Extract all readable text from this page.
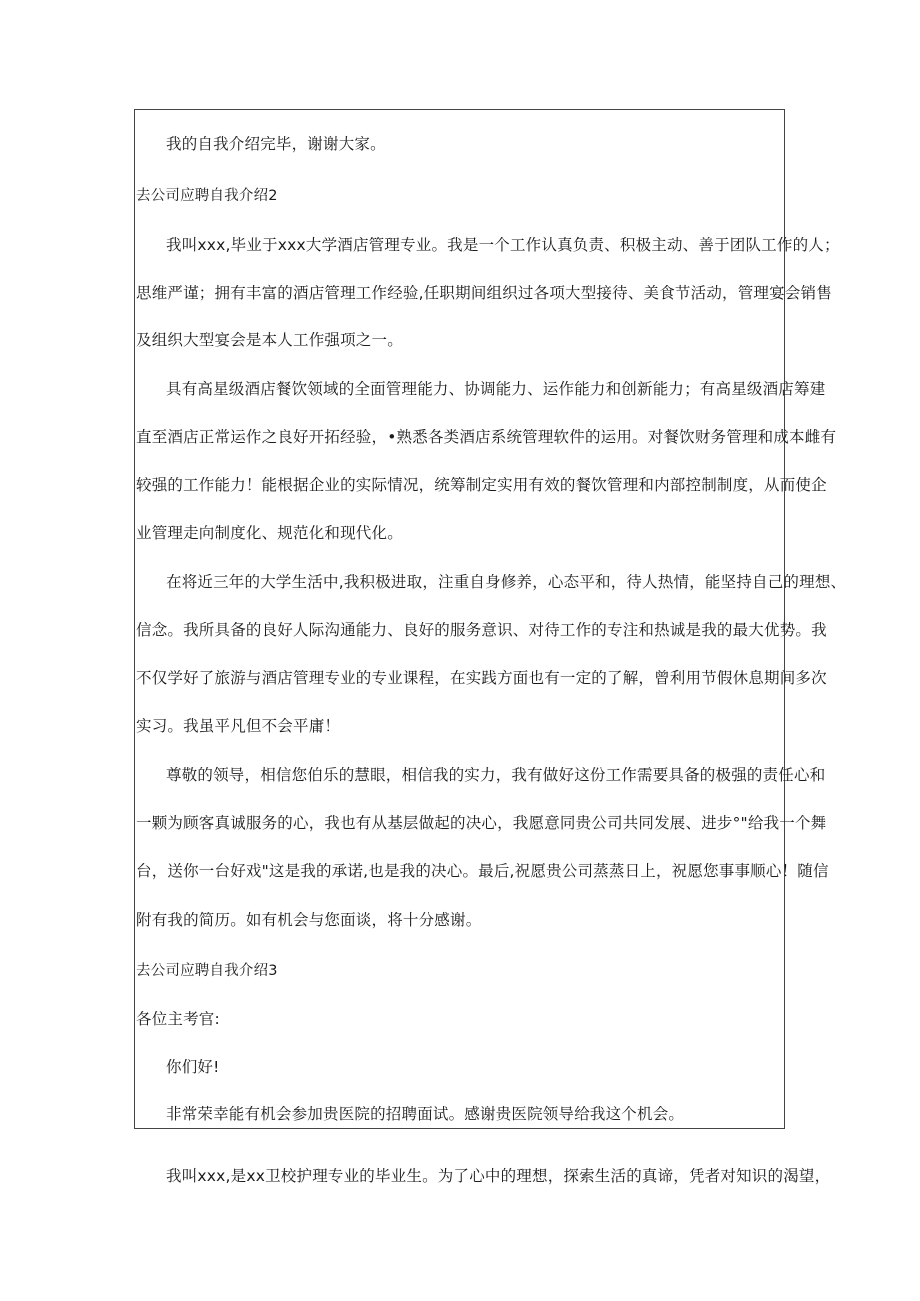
我的自我介绍完毕，谢谢大家。
去公司应聘自我介绍2
我叫xxx,毕业于xxx大学酒店管理专业。我是一个工作认真负责、积极主动、善于团队工作的人；
思维严谨；拥有丰富的酒店管理工作经验,任职期间组织过各项大型接待、美食节活动，管理宴会销售
及组织大型宴会是本人工作强项之一。
具有高星级酒店餐饮领域的全面管理能力、协调能力、运作能力和创新能力；有高星级酒店筹建
直至酒店正常运作之良好开拓经验，•熟悉各类酒店系统管理软件的运用。对餐饮财务管理和成本雌有
较强的工作能力！能根据企业的实际情况，统筹制定实用有效的餐饮管理和内部控制制度，从而使企
业管理走向制度化、规范化和现代化。
在将近三年的大学生活中,我积极进取，注重自身修养，心态平和，待人热情，能坚持自己的理想、
信念。我所具备的良好人际沟通能力、良好的服务意识、对待工作的专注和热诚是我的最大优势。我
不仅学好了旅游与酒店管理专业的专业课程，在实践方面也有一定的了解，曾利用节假休息期间多次
实习。我虽平凡但不会平庸！
尊敬的领导，相信您伯乐的慧眼，相信我的实力，我有做好这份工作需要具备的极强的责任心和
一颗为顾客真诚服务的心，我也有从基层做起的决心，我愿意同贵公司共同发展、进步°"给我一个舞
台，送你一台好戏"这是我的承诺,也是我的决心。最后,祝愿贵公司蒸蒸日上，祝愿您事事顺心！随信
附有我的简历。如有机会与您面谈，将十分感谢。
去公司应聘自我介绍3
各位主考官:
你们好!
非常荣幸能有机会参加贵医院的招聘面试。感谢贵医院领导给我这个机会。
我叫xxx,是xx卫校护理专业的毕业生。为了心中的理想，探索生活的真谛，凭者对知识的渴望，
